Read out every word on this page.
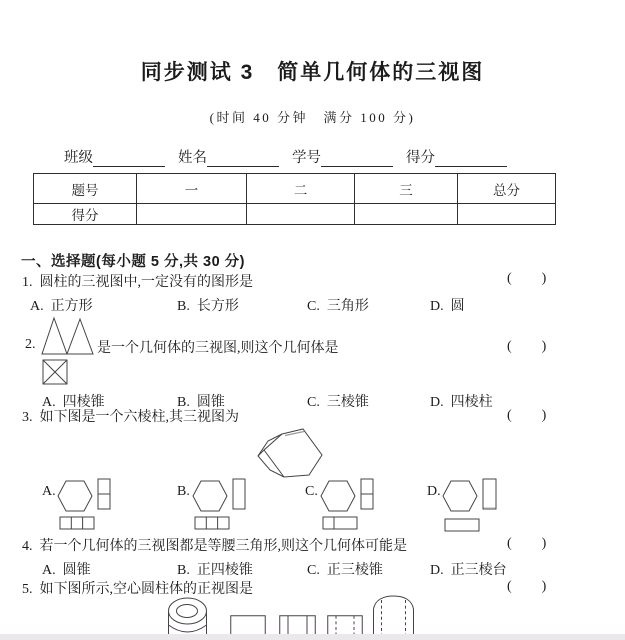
同步测试 3　简单几何体的三视图
(时间 40 分钟　满分 100 分)
班级	姓名	学号	得分
题号	一	二	三	总分
得分				
一、选择题(每小题 5 分,共 30 分)
1. 圆柱的三视图中,一定没有的图形是	( )
A. 正方形	B. 长方形	C. 三角形	D. 圆
2.	是一个几何体的三视图,则这个几何体是	( )
A. 四棱锥	B. 圆锥	C. 三棱锥	D. 四棱柱
3. 如下图是一个六棱柱,其三视图为	( )
A.	B.	C.	D.
4. 若一个几何体的三视图都是等腰三角形,则这个几何体可能是	( )
A. 圆锥	B. 正四棱锥	C. 正三棱锥	D. 正三棱台
5. 如下图所示,空心圆柱体的正视图是	( )
